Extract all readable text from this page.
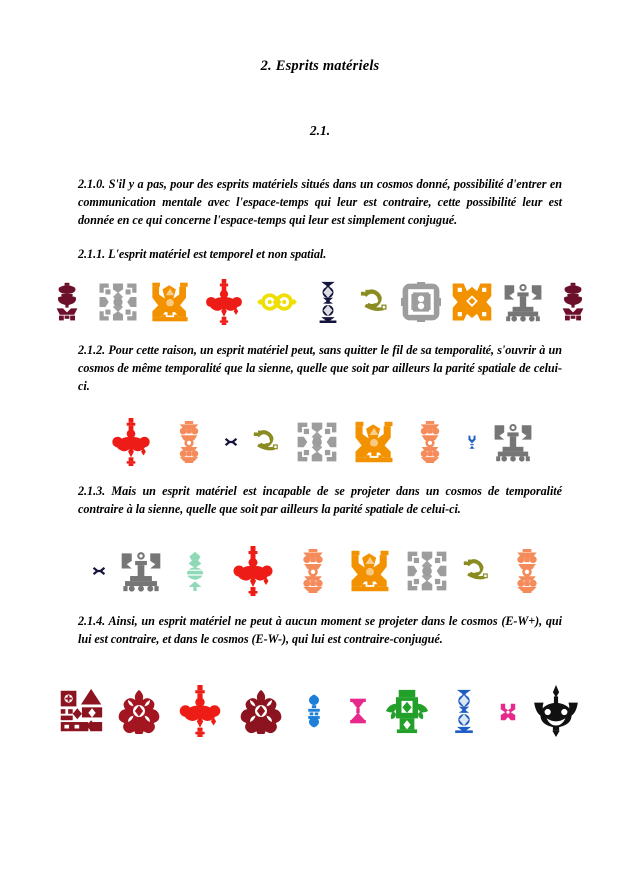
2. Esprits matériels
2.1.

2.1.0. S'il y a pas, pour des esprits matériels situés dans un cosmos donné, possibilité d'entrer en communication mentale avec l'espace-temps qui leur est contraire, cette possibilité leur est donnée en ce qui concerne l'espace-temps qui leur est simplement conjugué.

2.1.1. L'esprit matériel est temporel et non spatial.

2.1.2. Pour cette raison, un esprit matériel peut, sans quitter le fil de sa temporalité, s'ouvrir à un cosmos de même temporalité que la sienne, quelle que soit par ailleurs la parité spatiale de celui-ci.

2.1.3. Mais un esprit matériel est incapable de se projeter dans un cosmos de temporalité contraire à la sienne, quelle que soit par ailleurs la parité spatiale de celui-ci.

2.1.4. Ainsi, un esprit matériel ne peut à aucun moment se projeter dans le cosmos (E-W+), qui lui est contraire, et dans le cosmos (E-W-), qui lui est contraire-conjugué.
